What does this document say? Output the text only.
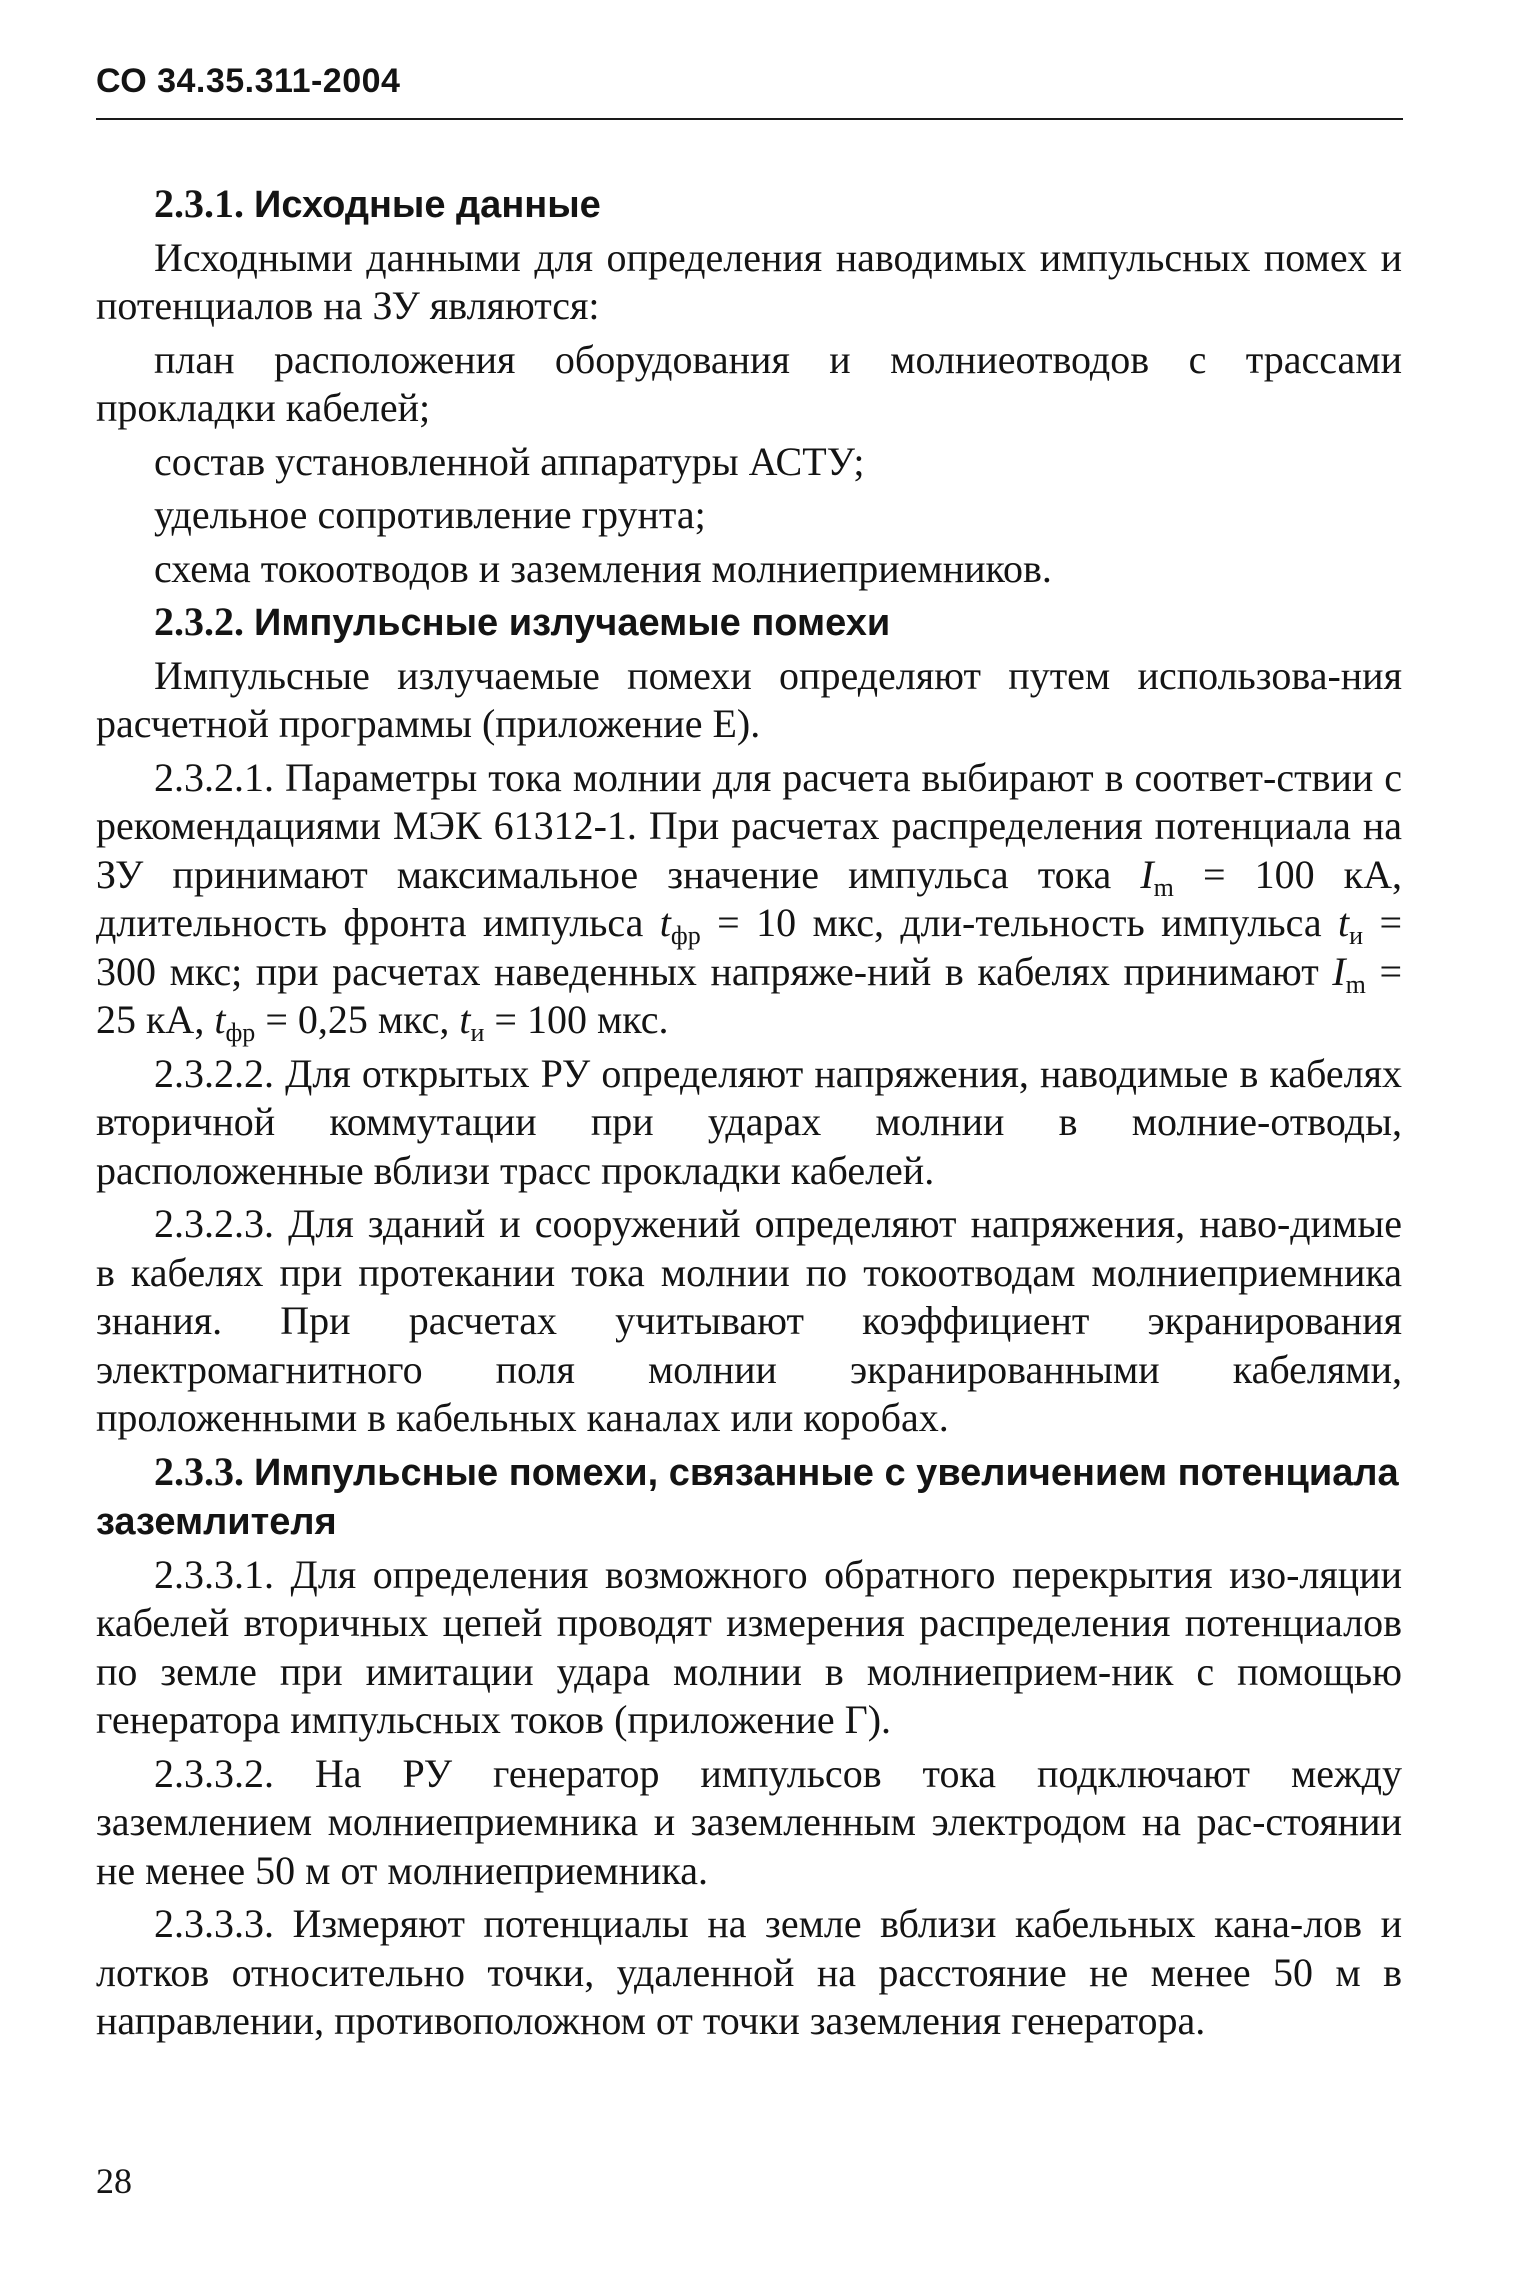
СО 34.35.311-2004

2.3.1. Исходные данные

Исходными данными для определения наводимых импульсных помех и потенциалов на ЗУ являются:

план расположения оборудования и молниеотводов с трассами прокладки кабелей;

состав установленной аппаратуры АСТУ;

удельное сопротивление грунта;

схема токоотводов и заземления молниеприемников.

2.3.2. Импульсные излучаемые помехи

Импульсные излучаемые помехи определяют путем использова-ния расчетной программы (приложение Е).

2.3.2.1. Параметры тока молнии для расчета выбирают в соответ-ствии с рекомендациями МЭК 61312-1. При расчетах распределения потенциала на ЗУ принимают максимальное значение импульса тока $I_m = 100$ кА, длительность фронта импульса $t_{фр} = 10$ мкс, дли-тельность импульса $t_и = 300$ мкс; при расчетах наведенных напряже-ний в кабелях принимают $I_m = 25$ кА, $t_{фр} = 0,25$ мкс, $t_и = 100$ мкс.

2.3.2.2. Для открытых РУ определяют напряжения, наводимые в кабелях вторичной коммутации при ударах молнии в молние-отводы, расположенные вблизи трасс прокладки кабелей.

2.3.2.3. Для зданий и сооружений определяют напряжения, наво-димые в кабелях при протекании тока молнии по токоотводам молниеприемника знания. При расчетах учитывают коэффициент экранирования электромагнитного поля молнии экранированными кабелями, проложенными в кабельных каналах или коробах.

2.3.3. Импульсные помехи, связанные с увеличением потенциала заземлителя

2.3.3.1. Для определения возможного обратного перекрытия изо-ляции кабелей вторичных цепей проводят измерения распределения потенциалов по земле при имитации удара молнии в молниеприем-ник с помощью генератора импульсных токов (приложение Г).

2.3.3.2. На РУ генератор импульсов тока подключают между заземлением молниеприемника и заземленным электродом на рас-стоянии не менее 50 м от молниеприемника.

2.3.3.3. Измеряют потенциалы на земле вблизи кабельных кана-лов и лотков относительно точки, удаленной на расстояние не менее 50 м в направлении, противоположном от точки заземления генератора.

28
